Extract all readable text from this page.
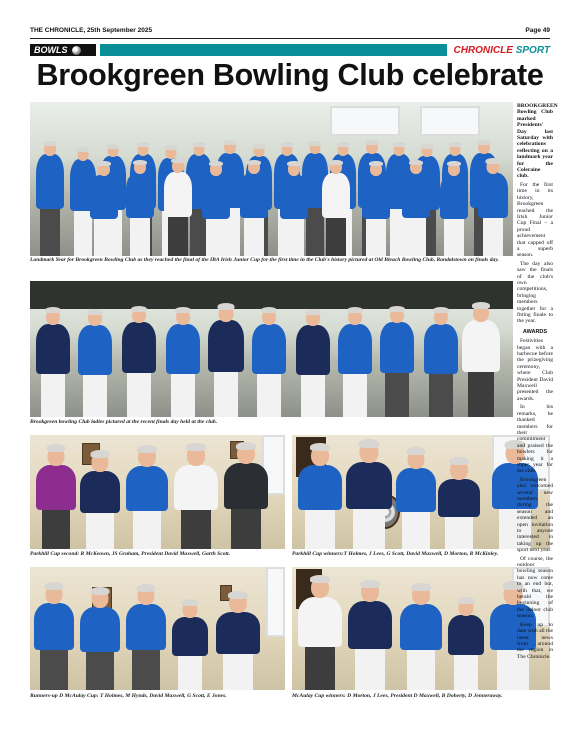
THE CHRONICLE, 25th September 2025	Page 49
BOWLS	CHRONICLE SPORT
Brookgreen Bowling Club celebrate

Landmark Year for Brookgreen Bowling Club as they reached the final of the IBA Irish Junior Cup for the first time in the Club's history pictured at Old Bleach Bowling Club, Randalstown on finals day.

Brookgreen bowling Club ladies pictured at the recent finals day held at the club.

Parkhill Cup second: R McKeown, JS Graham, President David Maxwell, Garth Scott.	Parkhill Cup winners:T Holmes, J Lees, G Scott, David Maxwell, D Morton, R McKinley.

Runners-up D McAulay Cup: T Holmes, M Hynds, David Maxwell, G Scott, E Jones.	McAulay Cup winners: D Morton, J Lees, President D Maxwell, B Doherty, D Jenneraway.

BROOKGREEN Bowling Club marked Presidents' Day last Saturday with celebrations reflecting on a landmark year for the Coleraine club.

For the first time in its history, Brookgreen reached the Irish Junior Cup Final – a proud achievement that capped off a superb season.

The day also saw the finals of the club's own competitions, bringing members together for a fitting finale to the year.

AWARDS

Festivities began with a barbecue before the prizegiving ceremony, where Club President David Maxwell presented the awards.

In his remarks, he thanked members for their commitment and praised the bowlers for making it a super year for the club.

Brookgreen also welcomed several new members during the season and extended an open invitation to anyone interested in taking up the sport next year.

Of course, the outdoor bowling season has now come to an end but, with that, we herald the beginning of the indoor club season.

Keep up to date with all the latest news from around the region in The Chronicle.
